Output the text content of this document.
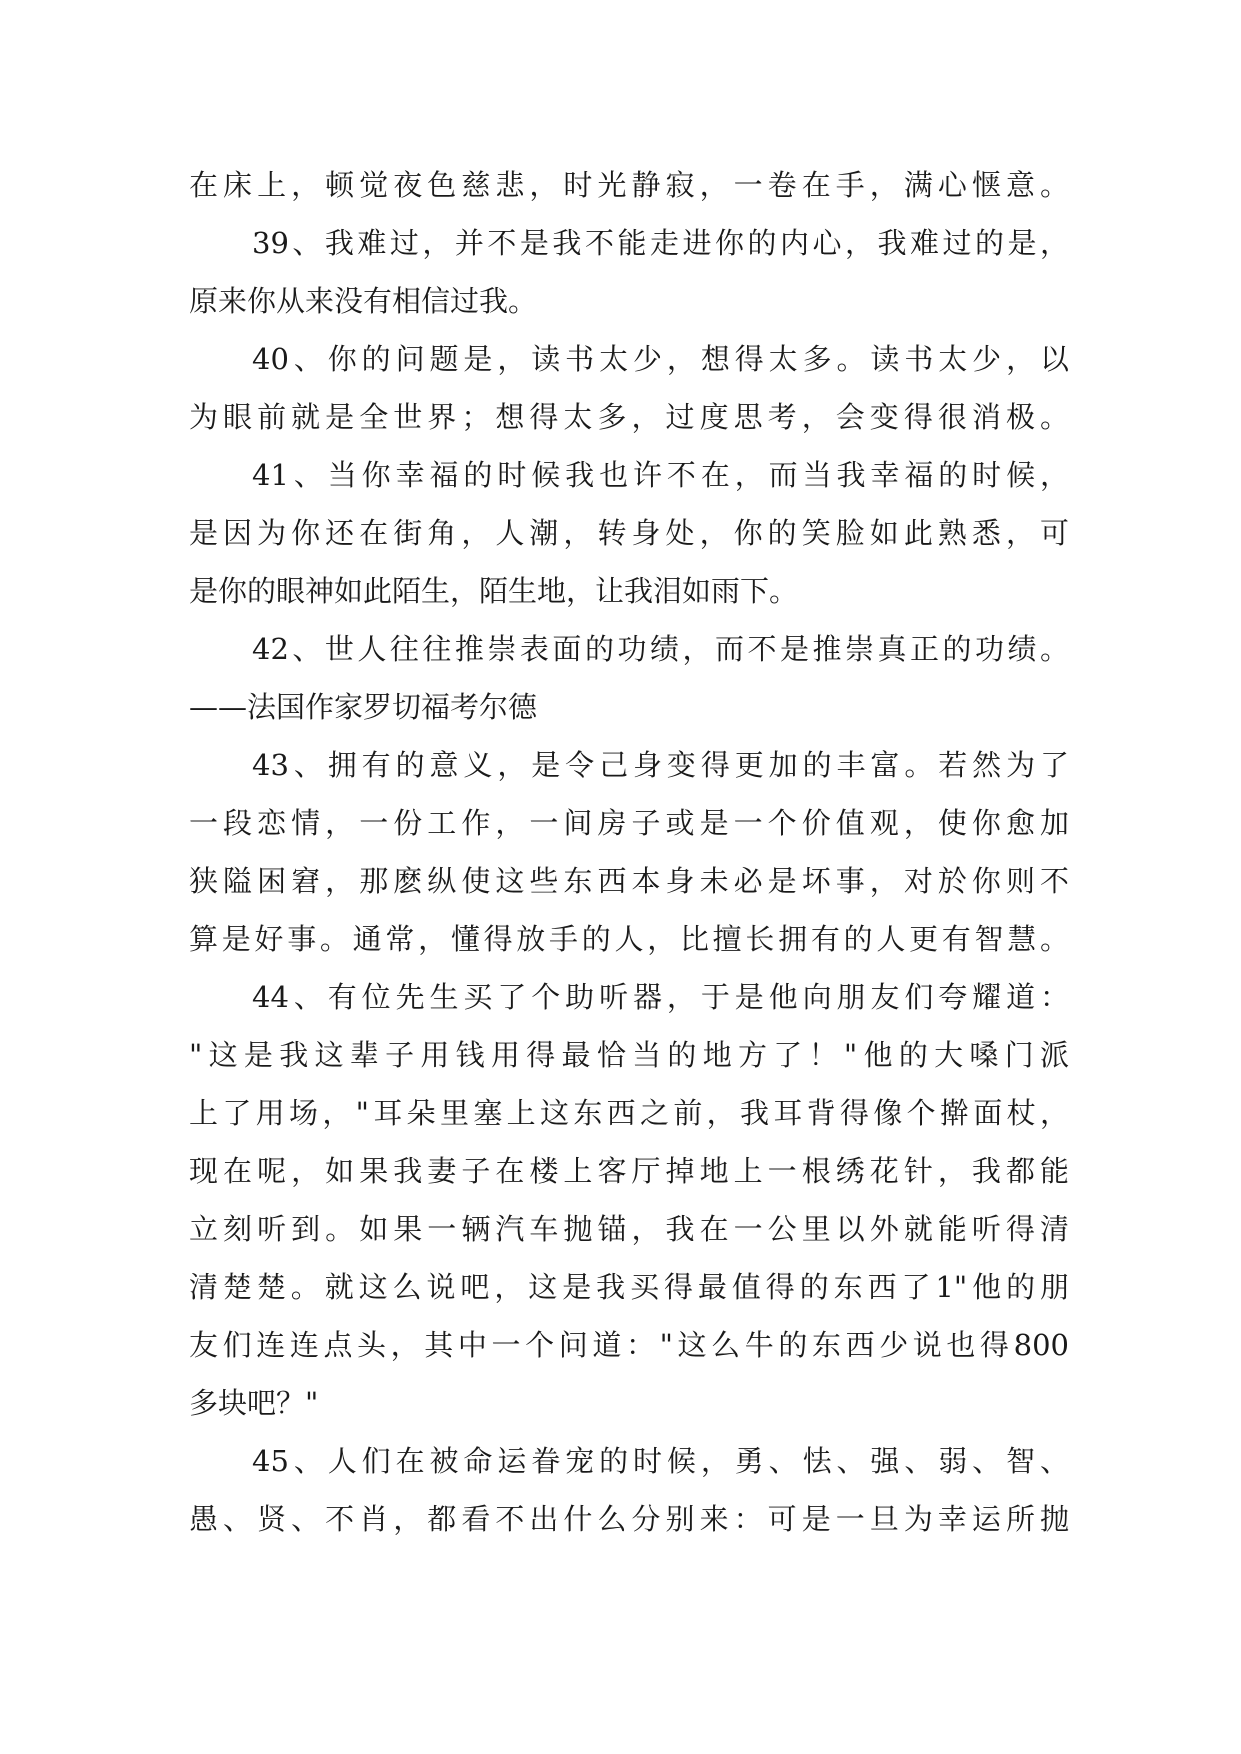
在床上，顿觉夜色慈悲，时光静寂，一卷在手，满心惬意。
39、我难过，并不是我不能走进你的内心，我难过的是，
原来你从来没有相信过我。
40、你的问题是，读书太少，想得太多。读书太少，以
为眼前就是全世界；想得太多，过度思考，会变得很消极。
41、当你幸福的时候我也许不在，而当我幸福的时候，
是因为你还在街角，人潮，转身处，你的笑脸如此熟悉，可
是你的眼神如此陌生，陌生地，让我泪如雨下。
42、世人往往推崇表面的功绩，而不是推崇真正的功绩。
——法国作家罗切福考尔德
43、拥有的意义，是令己身变得更加的丰富。若然为了
一段恋情，一份工作，一间房子或是一个价值观，使你愈加
狭隘困窘，那麽纵使这些东西本身未必是坏事，对於你则不
算是好事。通常，懂得放手的人，比擅长拥有的人更有智慧。
44、有位先生买了个助听器，于是他向朋友们夸耀道：
"这是我这辈子用钱用得最恰当的地方了！"他的大嗓门派
上了用场，"耳朵里塞上这东西之前，我耳背得像个擀面杖，
现在呢，如果我妻子在楼上客厅掉地上一根绣花针，我都能
立刻听到。如果一辆汽车抛锚，我在一公里以外就能听得清
清楚楚。就这么说吧，这是我买得最值得的东西了1"他的朋
友们连连点头，其中一个问道："这么牛的东西少说也得800
多块吧？"
45、人们在被命运眷宠的时候，勇、怯、强、弱、智、
愚、贤、不肖，都看不出什么分别来：可是一旦为幸运所抛
